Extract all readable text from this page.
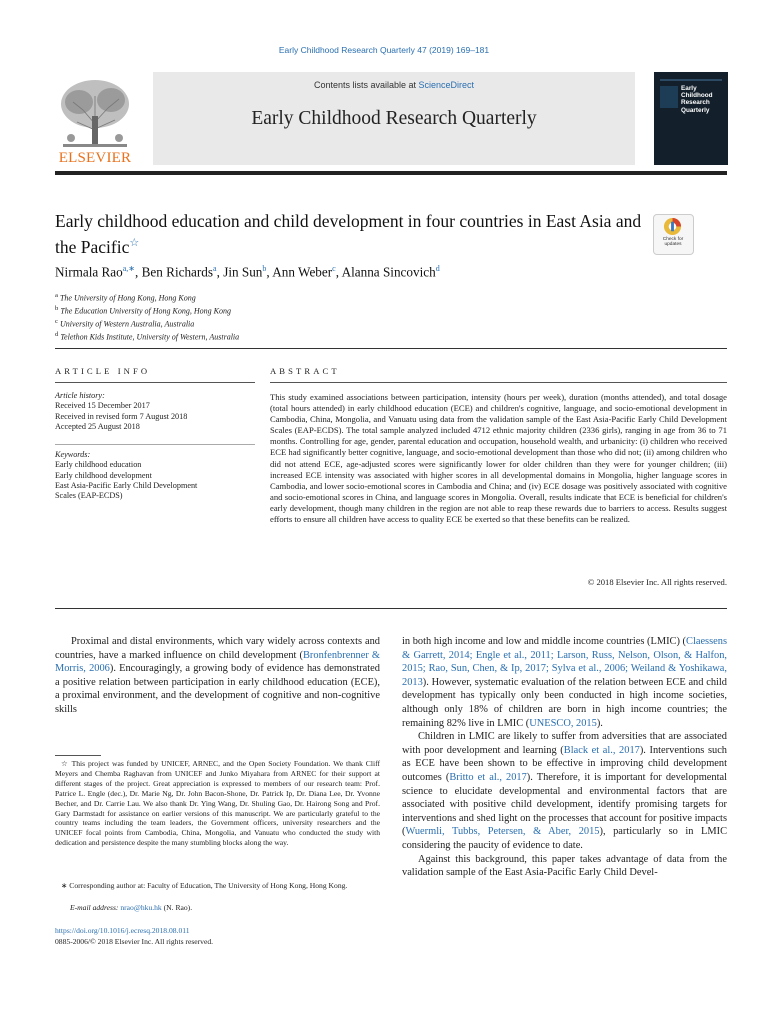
Early Childhood Research Quarterly 47 (2019) 169–181
Contents lists available at ScienceDirect
Early Childhood Research Quarterly
ELSEVIER
Early Childhood Research Quarterly
Early childhood education and child development in four countries in East Asia and the Pacific☆	Check for updates
Nirmala Rao$^{a,∗}$, Ben Richards$^a$, Jin Sun$^b$, Ann Weber$^c$, Alanna Sincovich$^d$
$^a$ The University of Hong Kong, Hong Kong
$^b$ The Education University of Hong Kong, Hong Kong
$^c$ University of Western Australia, Australia
$^d$ Telethon Kids Institute, University of Western, Australia
ARTICLE INFO
Article history:
Received 15 December 2017
Received in revised form 7 August 2018
Accepted 25 August 2018
Keywords:
Early childhood education
Early childhood development
East Asia-Pacific Early Child Development
Scales (EAP-ECDS)
ABSTRACT
This study examined associations between participation, intensity (hours per week), duration (months attended), and total dosage (total hours attended) in early childhood education (ECE) and children's cognitive, language, and socio-emotional development in Cambodia, China, Mongolia, and Vanuatu using data from the validation sample of the East Asia-Pacific Early Child Development Scales (EAP-ECDS). The total sample analyzed included 4712 ethnic majority children (2336 girls), ranging in age from 36 to 71 months. Controlling for age, gender, parental education and occupation, household wealth, and urbanicity: (i) children who received ECE had significantly better cognitive, language, and socio-emotional development than those who did not; (ii) among children who did not attend ECE, age-adjusted scores were significantly lower for older children than they were for younger children; (iii) increased ECE intensity was associated with higher scores in all developmental domains in Mongolia, higher language scores in Cambodia, and lower socio-emotional scores in Cambodia and China; and (iv) ECE dosage was positively associated with cognitive and socio-emotional scores in China, and language scores in Mongolia. Overall, results indicate that ECE is beneficial for children's early development, though many children in the region are not able to reap these rewards due to barriers to access. Results suggest efforts to ensure all children have access to quality ECE be exerted so that these benefits can be realized.
© 2018 Elsevier Inc. All rights reserved.
Proximal and distal environments, which vary widely across contexts and countries, have a marked influence on child development (Bronfenbrenner & Morris, 2006). Encouragingly, a growing body of evidence has demonstrated a positive relation between participation in early childhood education (ECE), a proximal environment, and the development of cognitive and non-cognitive skills
in both high income and low and middle income countries (LMIC) (Claessens & Garrett, 2014; Engle et al., 2011; Larson, Russ, Nelson, Olson, & Halfon, 2015; Rao, Sun, Chen, & Ip, 2017; Sylva et al., 2006; Weiland & Yoshikawa, 2013). However, systematic evaluation of the relation between ECE and child development has typically only been conducted in high income societies, although only 18% of children are born in high income countries; the remaining 82% live in LMIC (UNESCO, 2015).
Children in LMIC are likely to suffer from adversities that are associated with poor development and learning (Black et al., 2017). Interventions such as ECE have been shown to be effective in improving child development outcomes (Britto et al., 2017). Therefore, it is important for developmental science to elucidate developmental and environmental factors that are associated with positive child development, identify promising targets for interventions and shed light on the processes that account for positive impacts (Wuermli, Tubbs, Petersen, & Aber, 2015), particularly so in LMIC considering the paucity of evidence to date.
Against this background, this paper takes advantage of data from the validation sample of the East Asia-Pacific Early Child Devel-
☆ This project was funded by UNICEF, ARNEC, and the Open Society Foundation. We thank Cliff Meyers and Chemba Raghavan from UNICEF and Junko Miyahara from ARNEC for their support at different stages of the project. Great appreciation is expressed to members of our research team: Prof. Patrice L. Engle (dec.), Dr. Marie Ng, Dr. John Bacon-Shone, Dr. Patrick Ip, Dr. Diana Lee, Dr. Yvonne Becher, and Dr. Carrie Lau. We also thank Dr. Ying Wang, Dr. Shuling Gao, Dr. Hairong Song and Prof. Gary Darmstadt for assistance on earlier versions of this manuscript. We are particularly grateful to the country teams including the team leaders, the Government officers, university researchers and the UNICEF focal points from Cambodia, China, Mongolia, and Vanuatu who conducted the study with dedication and persistence despite the many stumbling blocks along the way.
∗ Corresponding author at: Faculty of Education, The University of Hong Kong, Hong Kong.
E-mail address: nrao@hku.hk (N. Rao).
https://doi.org/10.1016/j.ecresq.2018.08.011
0885-2006/© 2018 Elsevier Inc. All rights reserved.
